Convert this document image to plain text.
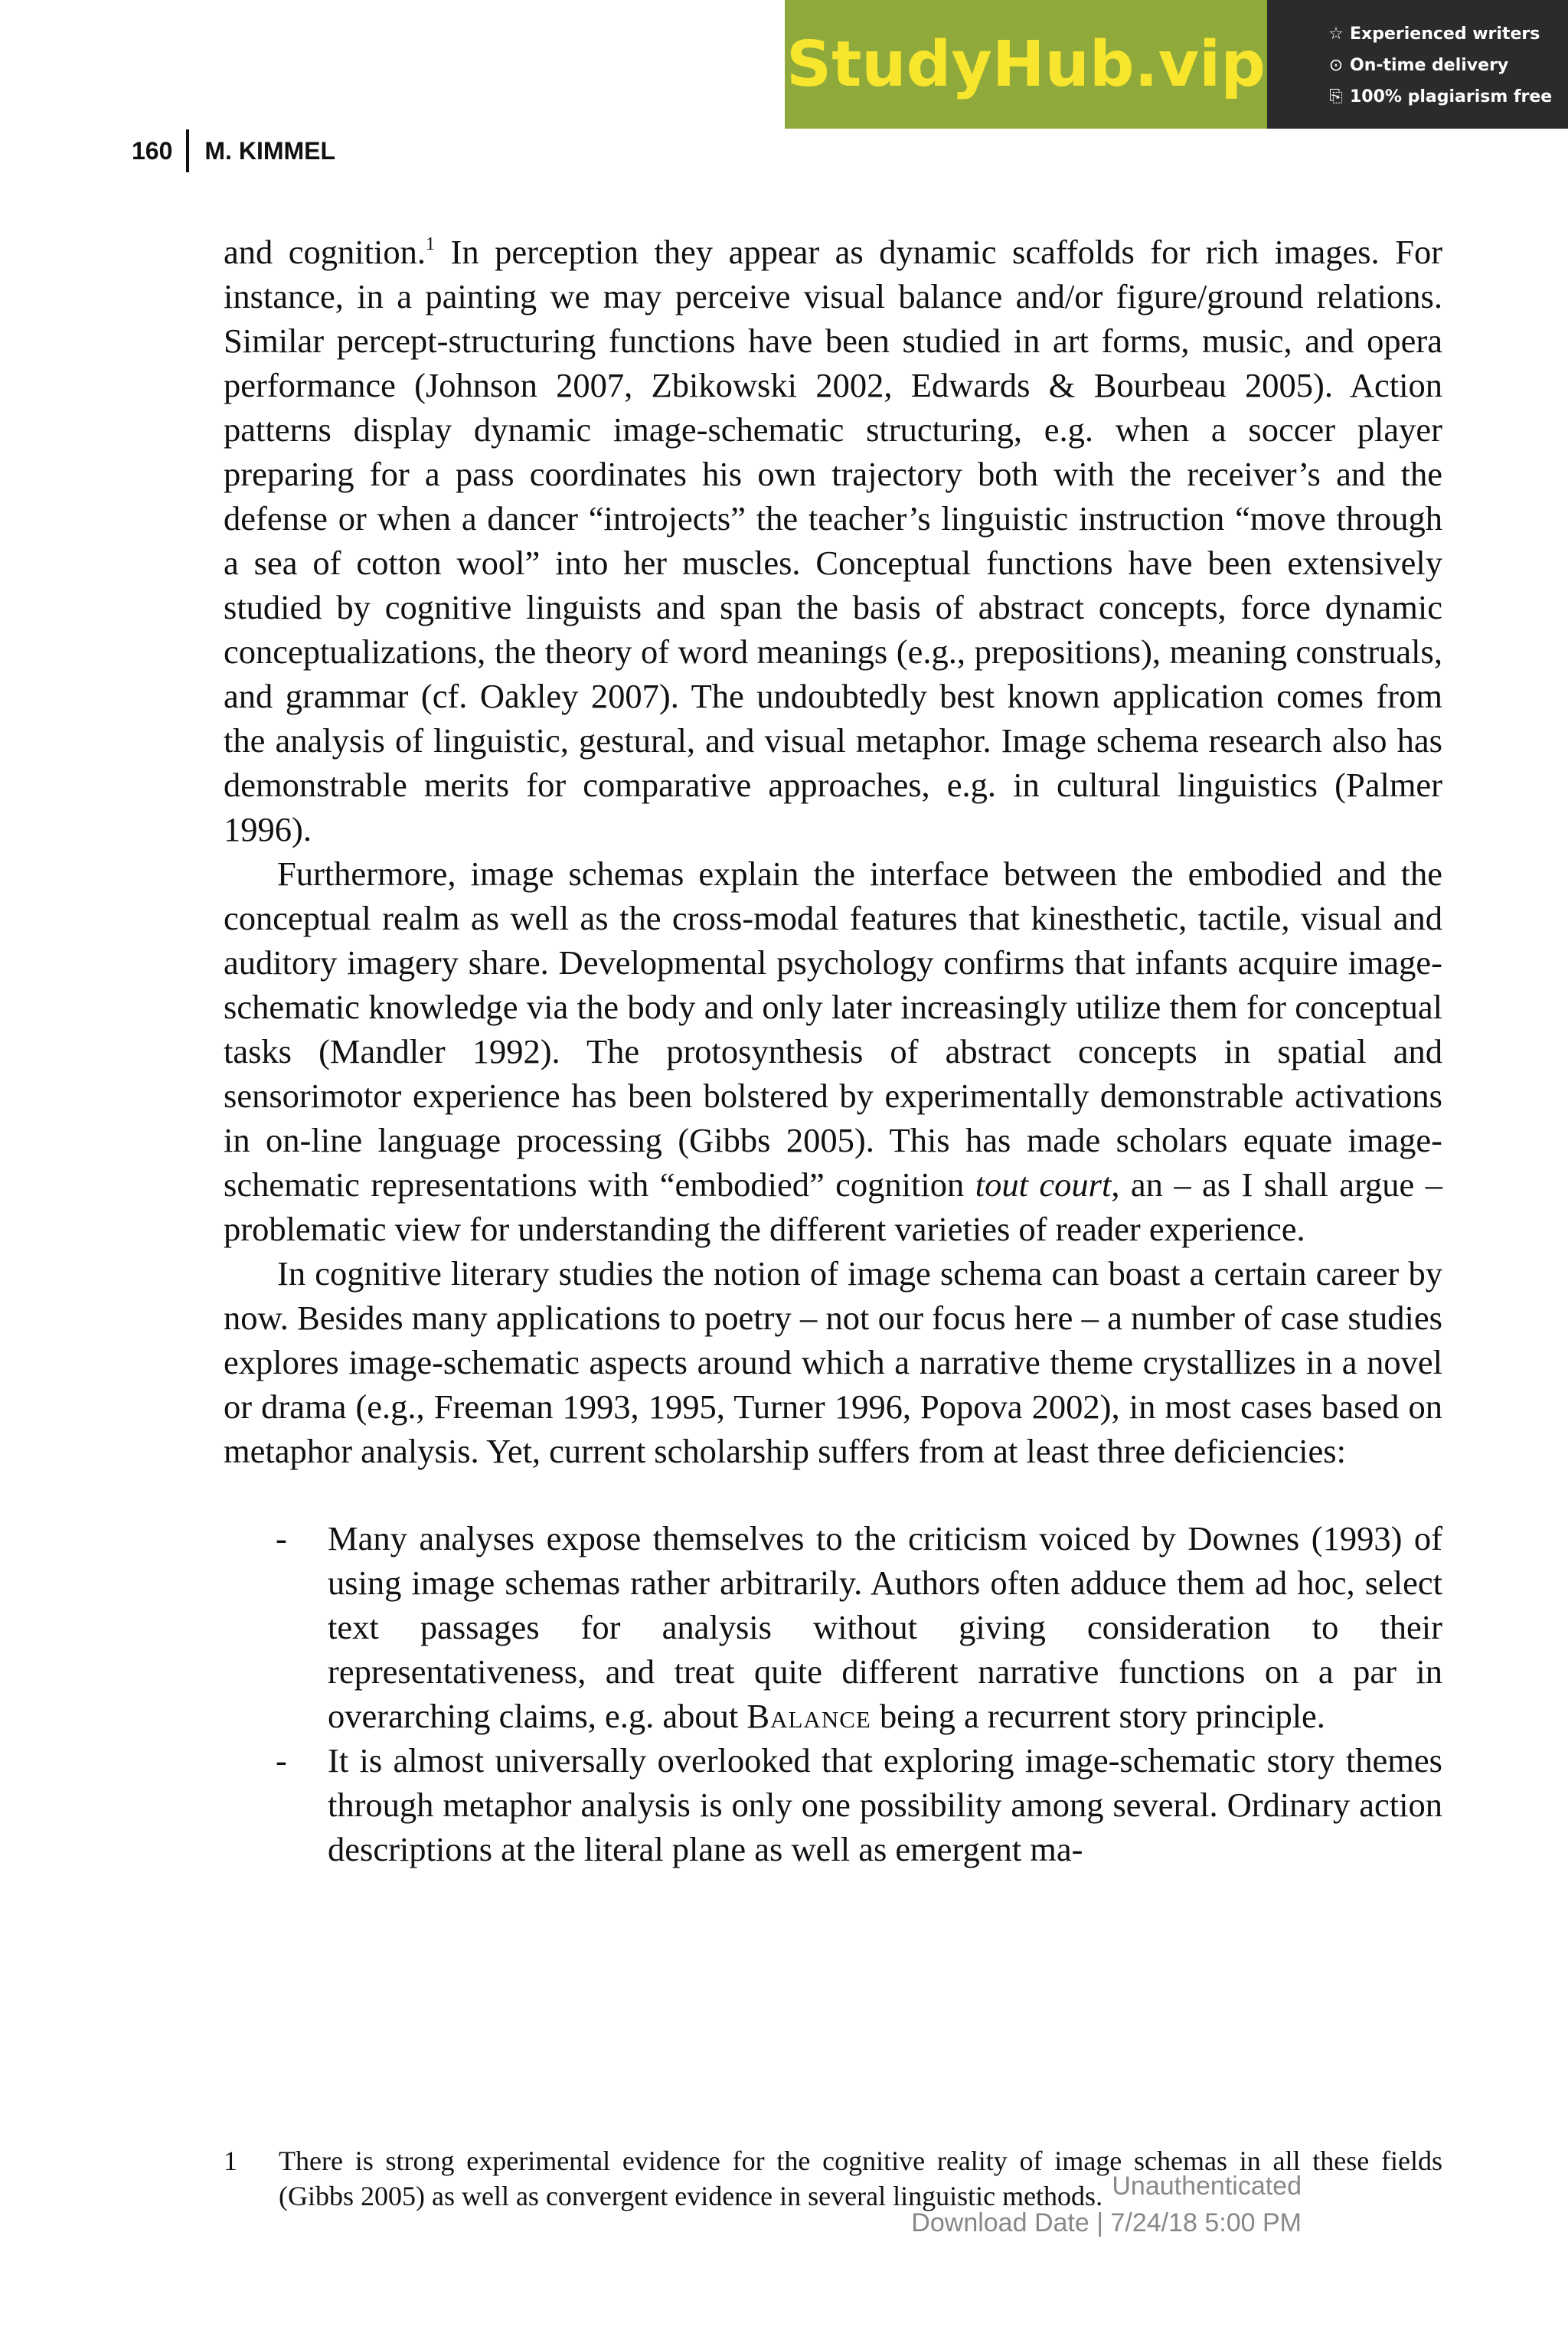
StudyHub.vip	☆ Experienced writers
⊙ On-time delivery
⎘ 100% plagiarism free
160 M. KIMMEL

and cognition.$^1$ In perception they appear as dynamic scaffolds for rich images. For instance, in a painting we may perceive visual balance and/or figure/ground relations. Similar percept-structuring functions have been studied in art forms, music, and opera performance (Johnson 2007, Zbikowski 2002, Edwards & Bourbeau 2005). Action patterns display dynamic image-schematic structuring, e.g. when a soccer player preparing for a pass coordinates his own trajectory both with the receiver’s and the defense or when a dancer “introjects” the teacher’s linguistic instruction “move through a sea of cotton wool” into her muscles. Conceptual functions have been extensively studied by cognitive linguists and span the basis of abstract concepts, force dynamic conceptualizations, the theory of word meanings (e.g., prepositions), meaning construals, and grammar (cf. Oakley 2007). The undoubtedly best known application comes from the analysis of linguistic, gestural, and visual metaphor. Image schema research also has demonstrable merits for comparative approaches, e.g. in cultural linguistics (Palmer 1996).

Furthermore, image schemas explain the interface between the embodied and the conceptual realm as well as the cross-modal features that kinesthetic, tactile, visual and auditory imagery share. Developmental psychology confirms that infants acquire image-schematic knowledge via the body and only later increasingly utilize them for conceptual tasks (Mandler 1992). The protosynthesis of abstract concepts in spatial and sensorimotor experience has been bolstered by experimentally demonstrable activations in on-line language processing (Gibbs 2005). This has made scholars equate image-schematic representations with “embodied” cognition tout court, an – as I shall argue – problematic view for understanding the different varieties of reader experience.

In cognitive literary studies the notion of image schema can boast a certain career by now. Besides many applications to poetry – not our focus here – a number of case studies explores image-schematic aspects around which a narrative theme crystallizes in a novel or drama (e.g., Freeman 1993, 1995, Turner 1996, Popova 2002), in most cases based on metaphor analysis. Yet, current scholarship suffers from at least three deficiencies:

- Many analyses expose themselves to the criticism voiced by Downes (1993) of using image schemas rather arbitrarily. Authors often adduce them ad hoc, select text passages for analysis without giving consideration to their representativeness, and treat quite different narrative functions on a par in overarching claims, e.g. about Balance being a recurrent story principle.
- It is almost universally overlooked that exploring image-schematic story themes through metaphor analysis is only one possibility among several. Ordinary action descriptions at the literal plane as well as emergent ma-
1	There is strong experimental evidence for the cognitive reality of image schemas in all these fields (Gibbs 2005) as well as convergent evidence in several linguistic methods. Unauthenticated
Download Date | 7/24/18 5:00 PM
